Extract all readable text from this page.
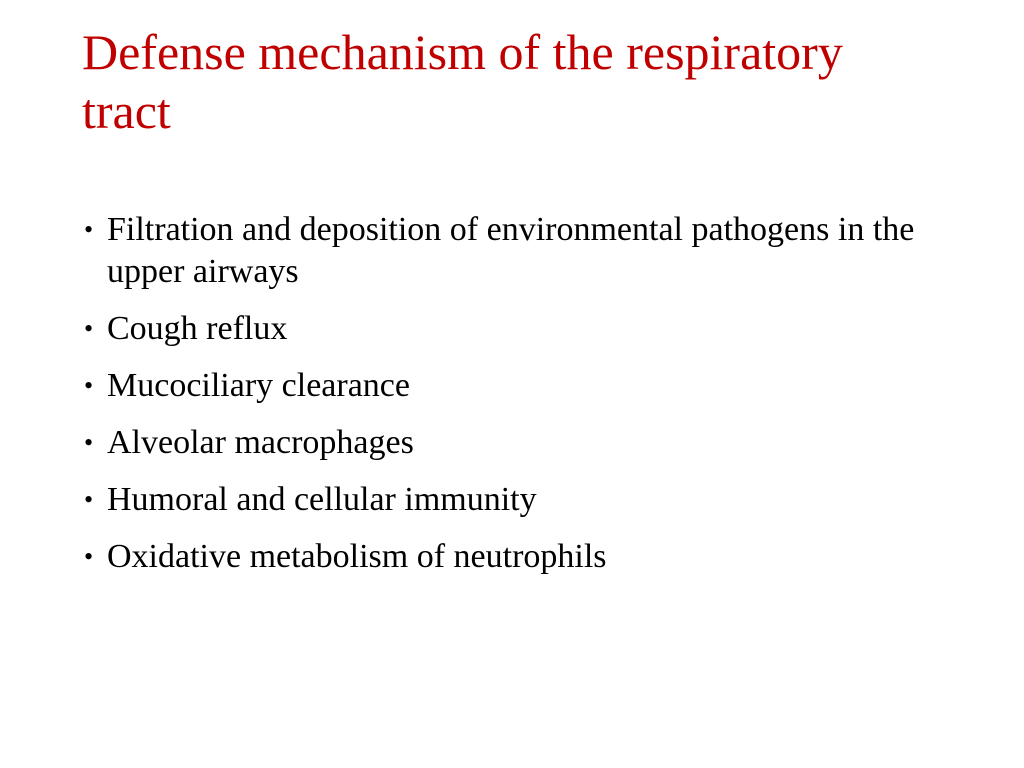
Defense mechanism of the respiratory tract
• Filtration and deposition of environmental pathogens in the upper airways
• Cough reflux
• Mucociliary clearance
• Alveolar macrophages
• Humoral and cellular immunity
• Oxidative metabolism of neutrophils
